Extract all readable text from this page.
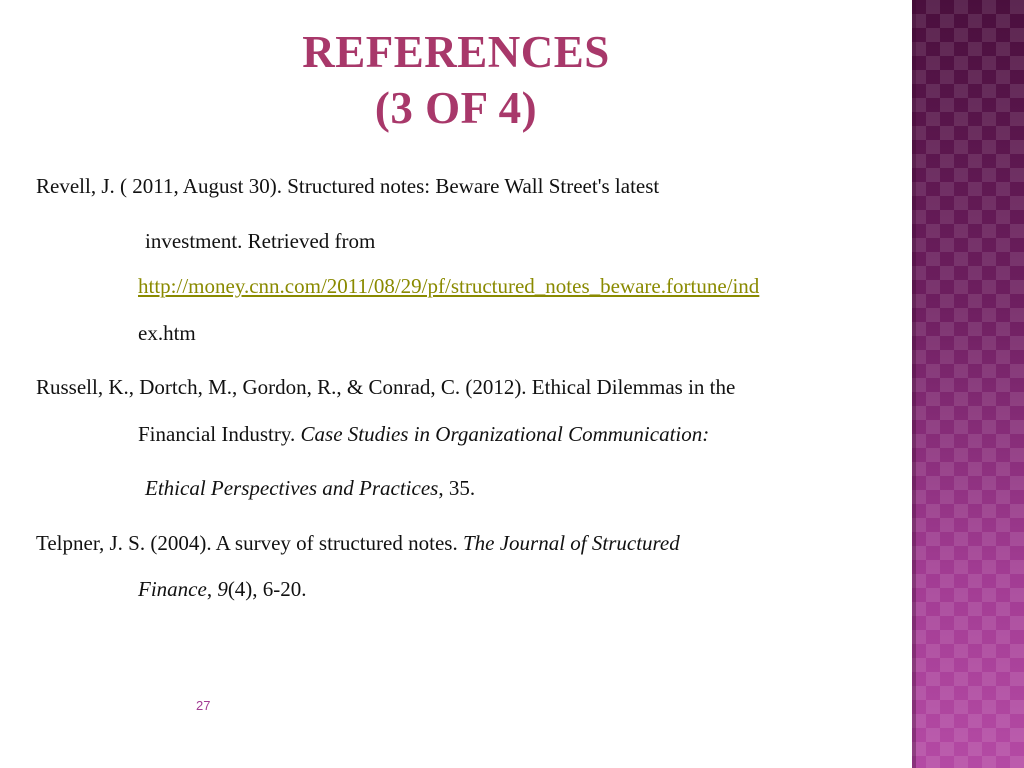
REFERENCES
(3 OF 4)
Revell, J. ( 2011, August 30). Structured notes: Beware Wall Street's latest
investment. Retrieved from
http://money.cnn.com/2011/08/29/pf/structured_notes_beware.fortune/ind
ex.htm
Russell, K., Dortch, M., Gordon, R., & Conrad, C. (2012). Ethical Dilemmas in the
Financial Industry. Case Studies in Organizational Communication:
Ethical Perspectives and Practices, 35.
Telpner, J. S. (2004). A survey of structured notes. The Journal of Structured
Finance, 9(4), 6-20.
27
